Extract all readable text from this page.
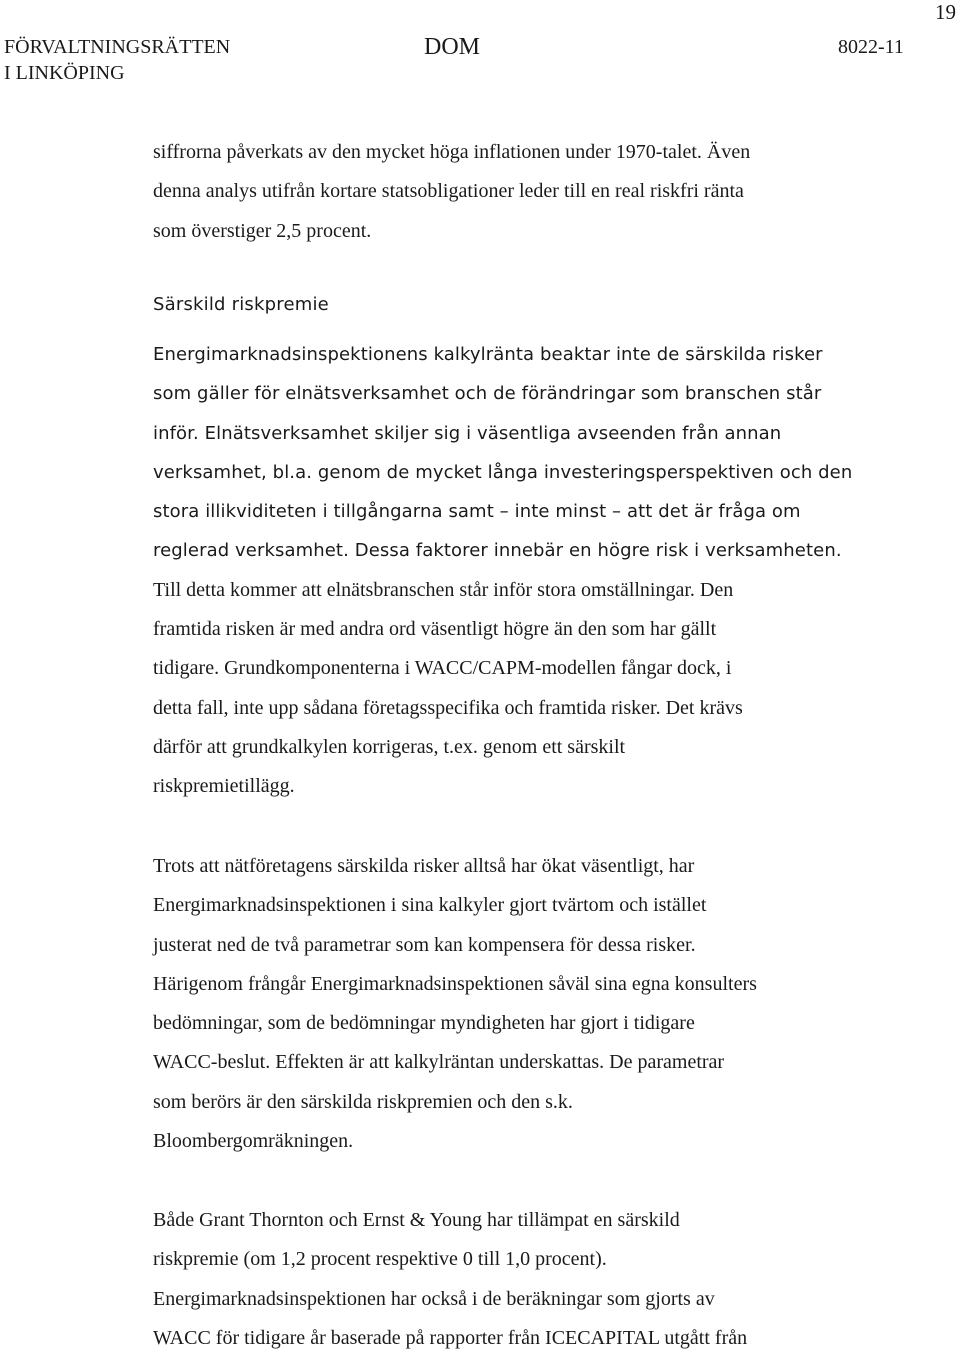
19
FÖRVALTNINGSRÄTTEN
I LINKÖPING
DOM	8022-11
siffrorna påverkats av den mycket höga inflationen under 1970-talet. Även
denna analys utifrån kortare statsobligationer leder till en real riskfri ränta
som överstiger 2,5 procent.
Särskild riskpremie
Energimarknadsinspektionens kalkylränta beaktar inte de särskilda risker
som gäller för elnätsverksamhet och de förändringar som branschen står
inför. Elnätsverksamhet skiljer sig i väsentliga avseenden från annan
verksamhet, bl.a. genom de mycket långa investeringsperspektiven och den
stora illikviditeten i tillgångarna samt – inte minst – att det är fråga om
reglerad verksamhet. Dessa faktorer innebär en högre risk i verksamheten.
Till detta kommer att elnätsbranschen står inför stora omställningar. Den
framtida risken är med andra ord väsentligt högre än den som har gällt
tidigare. Grundkomponenterna i WACC/CAPM-modellen fångar dock, i
detta fall, inte upp sådana företagsspecifika och framtida risker. Det krävs
därför att grundkalkylen korrigeras, t.ex. genom ett särskilt
riskpremietillägg.
Trots att nätföretagens särskilda risker alltså har ökat väsentligt, har
Energimarknadsinspektionen i sina kalkyler gjort tvärtom och istället
justerat ned de två parametrar som kan kompensera för dessa risker.
Härigenom frångår Energimarknadsinspektionen såväl sina egna konsulters
bedömningar, som de bedömningar myndigheten har gjort i tidigare
WACC-beslut. Effekten är att kalkylräntan underskattas. De parametrar
som berörs är den särskilda riskpremien och den s.k.
Bloombergomräkningen.
Både Grant Thornton och Ernst & Young har tillämpat en särskild
riskpremie (om 1,2 procent respektive 0 till 1,0 procent).
Energimarknadsinspektionen har också i de beräkningar som gjorts av
WACC för tidigare år baserade på rapporter från ICECAPITAL utgått från
